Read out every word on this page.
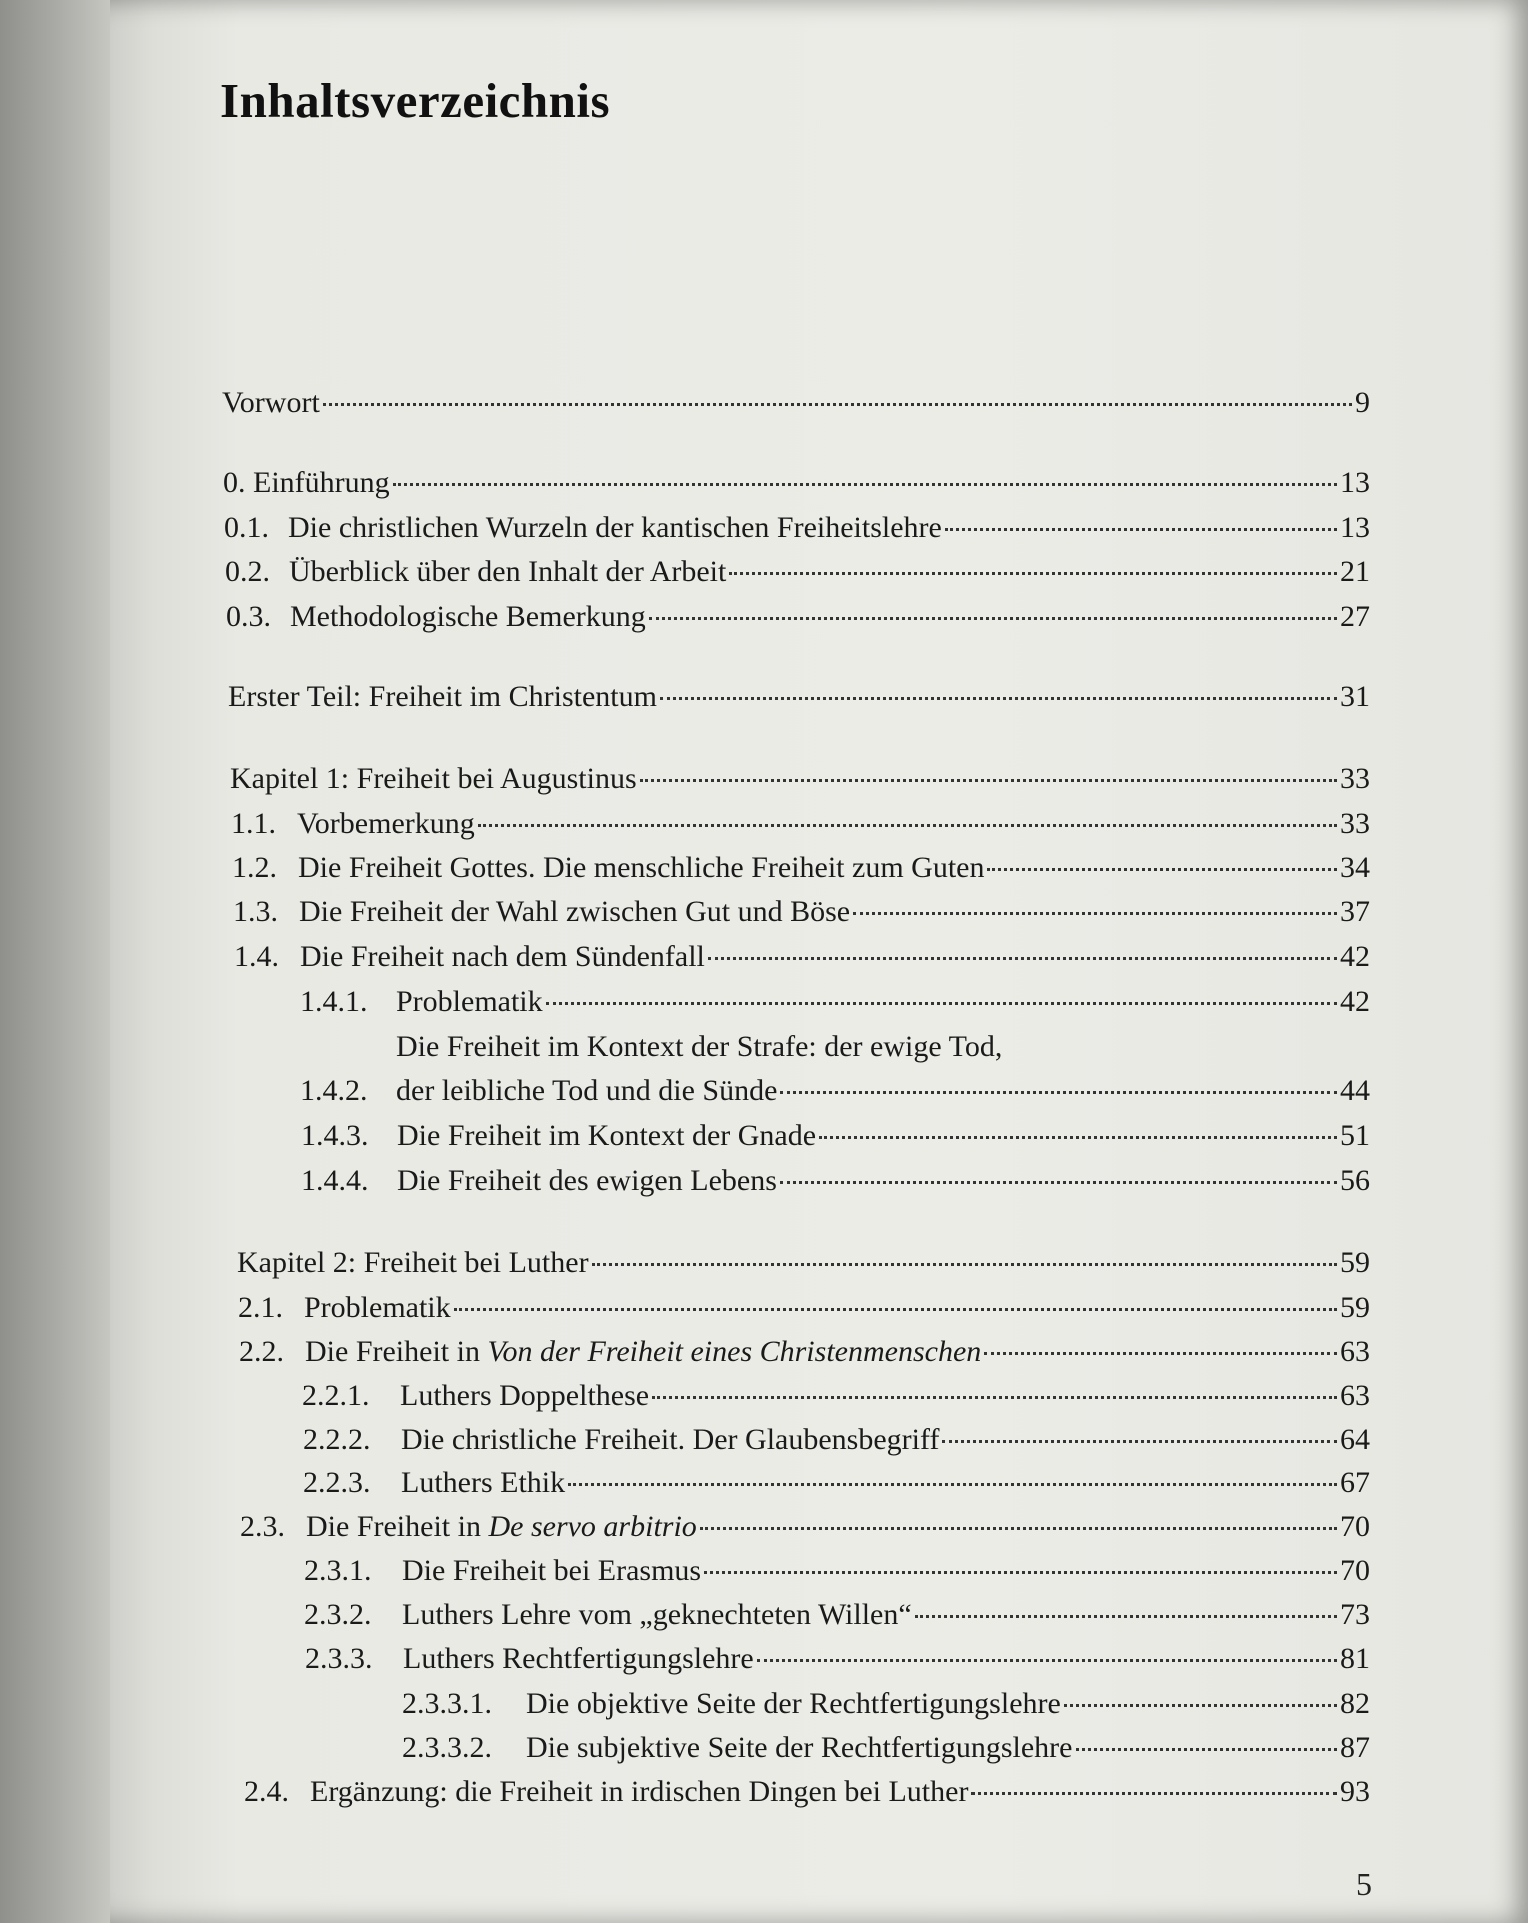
Inhaltsverzeichnis
Vorwort	9
0. Einführung	13
0.1. Die christlichen Wurzeln der kantischen Freiheitslehre	13
0.2. Überblick über den Inhalt der Arbeit	21
0.3. Methodologische Bemerkung	27
Erster Teil: Freiheit im Christentum	31
Kapitel 1: Freiheit bei Augustinus	33
1.1. Vorbemerkung	33
1.2. Die Freiheit Gottes. Die menschliche Freiheit zum Guten	34
1.3. Die Freiheit der Wahl zwischen Gut und Böse	37
1.4. Die Freiheit nach dem Sündenfall	42
1.4.1. Problematik	42
Die Freiheit im Kontext der Strafe: der ewige Tod,
1.4.2. der leibliche Tod und die Sünde	44
1.4.3. Die Freiheit im Kontext der Gnade	51
1.4.4. Die Freiheit des ewigen Lebens	56
Kapitel 2: Freiheit bei Luther	59
2.1. Problematik	59
2.2. Die Freiheit in Von der Freiheit eines Christenmenschen	63
2.2.1.	Luthers Doppelthese	63
2.2.2.	Die christliche Freiheit. Der Glaubensbegriff	64
2.2.3.	Luthers Ethik	67
2.3. Die Freiheit in De servo arbitrio	70
2.3.1.	Die Freiheit bei Erasmus	70
2.3.2.	Luthers Lehre vom „geknechteten Willen“	73
2.3.3.	Luthers Rechtfertigungslehre	81
2.3.3.1.	Die objektive Seite der Rechtfertigungslehre	82
2.3.3.2.	Die subjektive Seite der Rechtfertigungslehre	87
2.4. Ergänzung: die Freiheit in irdischen Dingen bei Luther	93
5
